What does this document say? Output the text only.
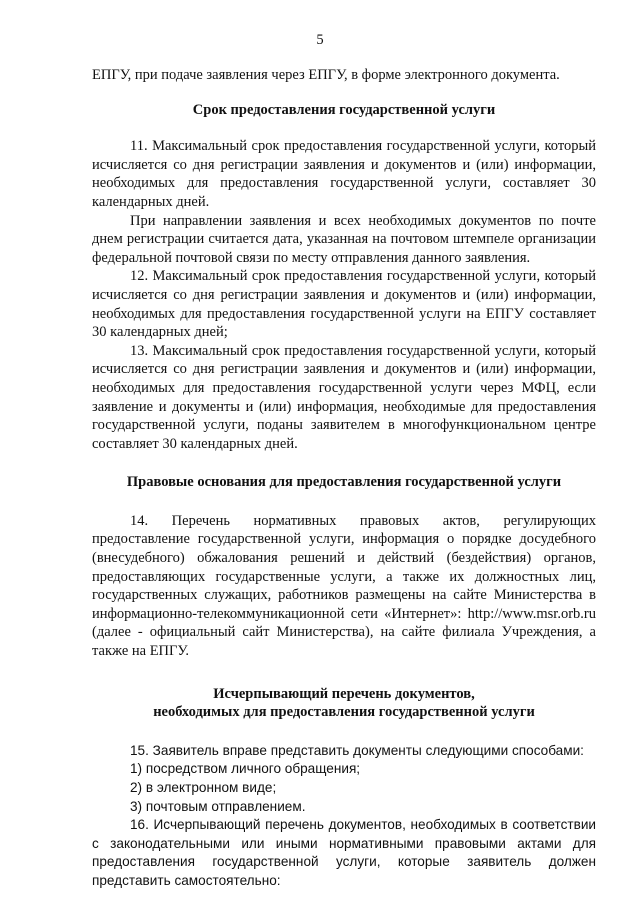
5

ЕПГУ, при подаче заявления через ЕПГУ, в форме электронного документа.

Срок предоставления государственной услуги

11. Максимальный срок предоставления государственной услуги, который исчисляется со дня регистрации заявления и документов и (или) информации, необходимых для предоставления государственной услуги, составляет 30 календарных дней.

При направлении заявления и всех необходимых документов по почте днем регистрации считается дата, указанная на почтовом штемпеле организации федеральной почтовой связи по месту отправления данного заявления.

12. Максимальный срок предоставления государственной услуги, который исчисляется со дня регистрации заявления и документов и (или) информации, необходимых для предоставления государственной услуги на ЕПГУ составляет 30 календарных дней;

13. Максимальный срок предоставления государственной услуги, который исчисляется со дня регистрации заявления и документов и (или) информации, необходимых для предоставления государственной услуги через МФЦ, если заявление и документы и (или) информация, необходимые для предоставления государственной услуги, поданы заявителем в многофункциональном центре составляет 30 календарных дней.

Правовые основания для предоставления государственной услуги

14. Перечень нормативных правовых актов, регулирующих предоставление государственной услуги, информация о порядке досудебного (внесудебного) обжалования решений и действий (бездействия) органов, предоставляющих государственные услуги, а также их должностных лиц, государственных служащих, работников размещены на сайте Министерства в информационно-телекоммуникационной сети «Интернет»: http://www.msr.orb.ru (далее - официальный сайт Министерства), на сайте филиала Учреждения, а также на ЕПГУ.

Исчерпывающий перечень документов,
необходимых для предоставления государственной услуги

15. Заявитель вправе представить документы следующими способами:

1) посредством личного обращения;

2) в электронном виде;

3) почтовым отправлением.

16. Исчерпывающий перечень документов, необходимых в соответствии с законодательными или иными нормативными правовыми актами для предоставления государственной услуги, которые заявитель должен представить самостоятельно:
